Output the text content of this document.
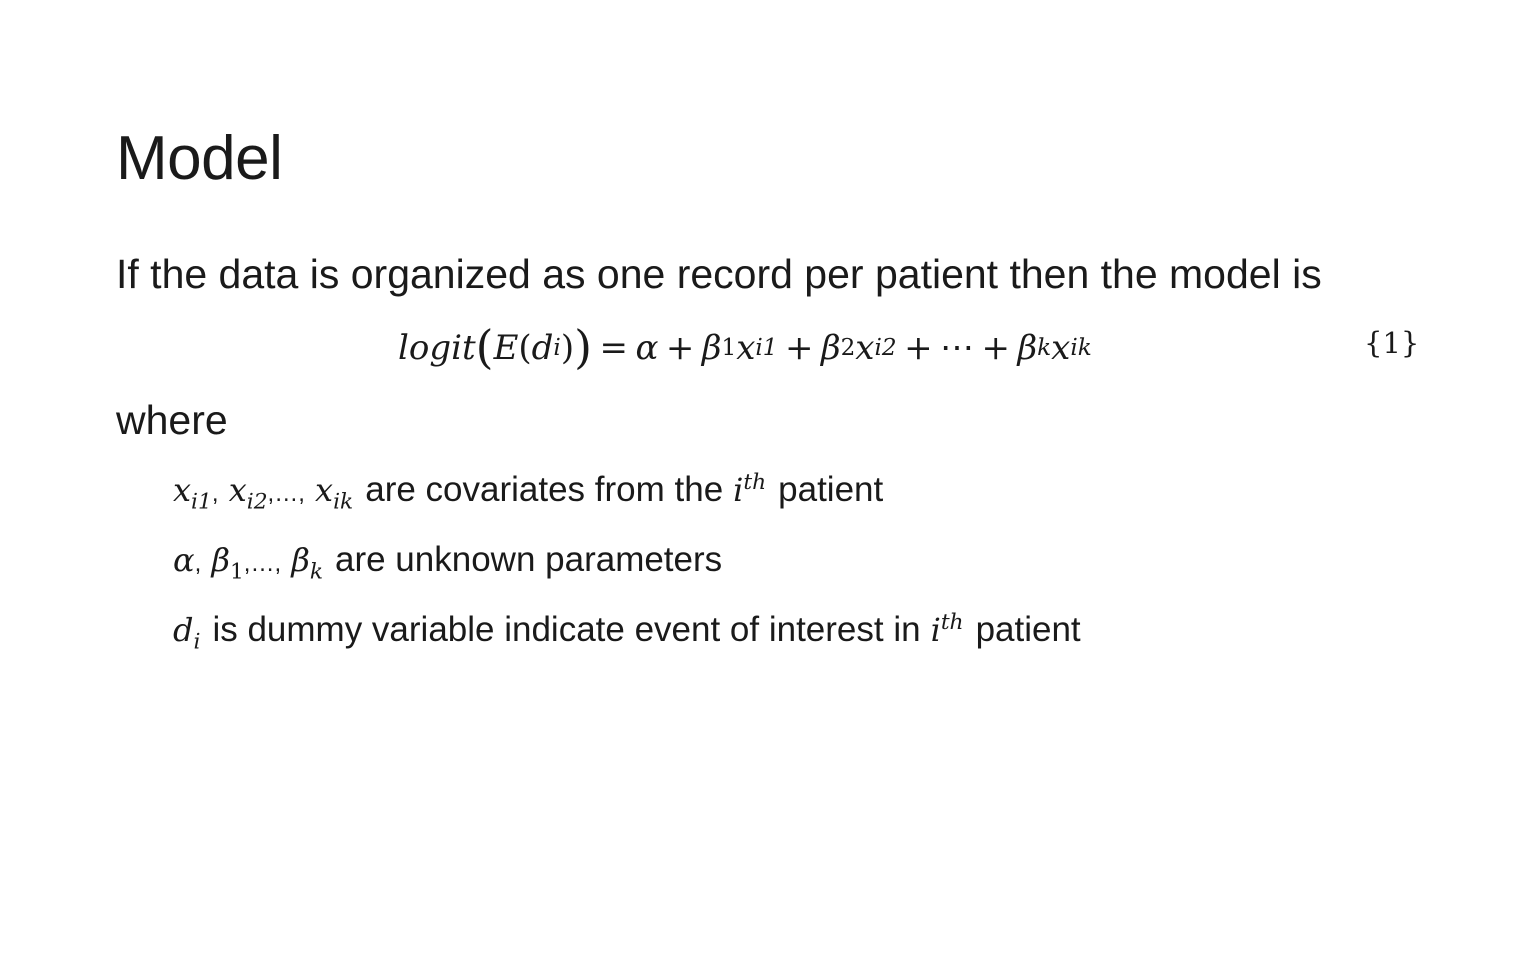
Model

If the data is organized as one record per patient then the model is

logit ( E ( d i ) ) = α + β 1 x i1 + β 2 x i2 + ⋯ + β k x ik	{1}

where

$x_{i1}$, $x_{i2},\dots$, $x_{ik}$ are covariates from the $i^{th}$ patient
α, $\beta_1,\dots$, $\beta_k$ are unknown parameters
$d_i$ is dummy variable indicate event of interest in $i^{th}$ patient
